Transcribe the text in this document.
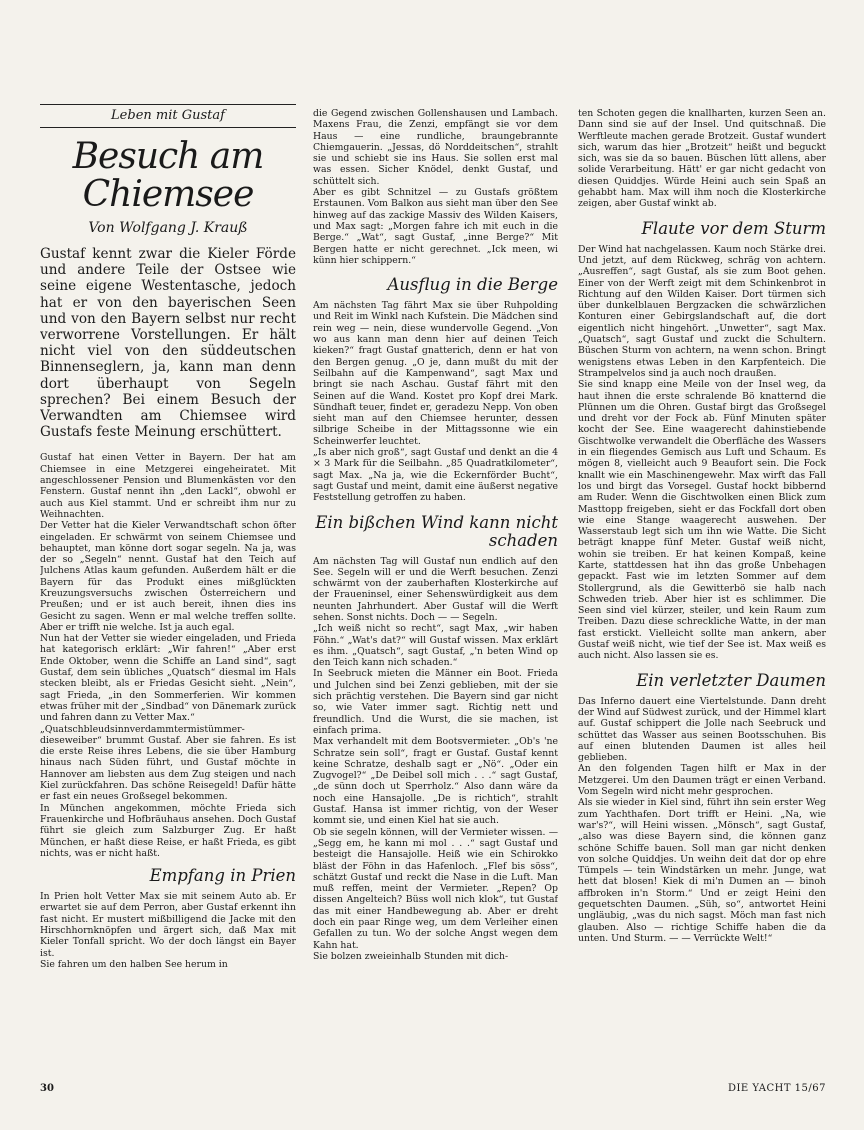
Leben mit Gustaf
Besuch am Chiemsee
Von Wolfgang J. Krauß

Gustaf kennt zwar die Kieler Förde und andere Teile der Ostsee wie seine eigene Westentasche, jedoch hat er von den bayerischen Seen und von den Bayern selbst nur recht verworrene Vorstellungen. Er hält nicht viel von den süddeutschen Binnenseglern, ja, kann man denn dort überhaupt von Segeln sprechen? Bei einem Besuch der Verwandten am Chiemsee wird Gustafs feste Meinung erschüttert.

Gustaf hat einen Vetter in Bayern. Der hat am Chiemsee in eine Metzgerei eingeheiratet. Mit angeschlossener Pension und Blumenkästen vor den Fenstern. Gustaf nennt ihn „den Lackl“, obwohl er auch aus Kiel stammt. Und er schreibt ihm nur zu Weihnachten.

Der Vetter hat die Kieler Verwandtschaft schon öfter eingeladen. Er schwärmt von seinem Chiemsee und behauptet, man könne dort sogar segeln. Na ja, was der so „Segeln“ nennt. Gustaf hat den Teich auf Julchens Atlas kaum gefunden. Außerdem hält er die Bayern für das Produkt eines mißglückten Kreuzungsversuchs zwischen Österreichern und Preußen; und er ist auch bereit, ihnen dies ins Gesicht zu sagen. Wenn er mal welche treffen sollte. Aber er trifft nie welche. Ist ja auch egal.

Nun hat der Vetter sie wieder eingeladen, und Frieda hat kategorisch erklärt: „Wir fahren!“ „Aber erst Ende Oktober, wenn die Schiffe an Land sind“, sagt Gustaf, dem sein übliches „Quatsch“ diesmal im Hals stecken bleibt, als er Friedas Gesicht sieht. „Nein“, sagt Frieda, „in den Sommerferien. Wir kommen etwas früher mit der „Sindbad“ von Dänemark zurück und fahren dann zu Vetter Max.“

„Quatschbleudsinnverdammtermistümmer-dieseweiber“ brummt Gustaf. Aber sie fahren. Es ist die erste Reise ihres Lebens, die sie über Hamburg hinaus nach Süden führt, und Gustaf möchte in Hannover am liebsten aus dem Zug steigen und nach Kiel zurückfahren. Das schöne Reisegeld! Dafür hätte er fast ein neues Großsegel bekommen.

In München angekommen, möchte Frieda sich Frauenkirche und Hofbräuhaus ansehen. Doch Gustaf führt sie gleich zum Salzburger Zug. Er haßt München, er haßt diese Reise, er haßt Frieda, es gibt nichts, was er nicht haßt.

Empfang in Prien

In Prien holt Vetter Max sie mit seinem Auto ab. Er erwartet sie auf dem Perron, aber Gustaf erkennt ihn fast nicht. Er mustert mißbilligend die Jacke mit den Hirschhornknöpfen und ärgert sich, daß Max mit Kieler Tonfall spricht. Wo der doch längst ein Bayer ist.

Sie fahren um den halben See herum in

die Gegend zwischen Gollenshausen und Lambach. Maxens Frau, die Zenzi, empfängt sie vor dem Haus — eine rundliche, braungebrannte Chiemgauerin. „Jessas, dö Norddeitschen“, strahlt sie und schiebt sie ins Haus. Sie sollen erst mal was essen. Sicher Knödel, denkt Gustaf, und schüttelt sich.

Aber es gibt Schnitzel — zu Gustafs größtem Erstaunen. Vom Balkon aus sieht man über den See hinweg auf das zackige Massiv des Wilden Kaisers, und Max sagt: „Morgen fahre ich mit euch in die Berge.“ „Wat“, sagt Gustaf, „inne Berge?“ Mit Bergen hatte er nicht gerechnet. „Ick meen, wi künn hier schippern.“

Ausflug in die Berge

Am nächsten Tag fährt Max sie über Ruhpolding und Reit im Winkl nach Kufstein. Die Mädchen sind rein weg — nein, diese wundervolle Gegend. „Von wo aus kann man denn hier auf deinen Teich kieken?“ fragt Gustaf gnatterich, denn er hat von den Bergen genug. „O je, dann mußt du mit der Seilbahn auf die Kampenwand“, sagt Max und bringt sie nach Aschau. Gustaf fährt mit den Seinen auf die Wand. Kostet pro Kopf drei Mark. Sündhaft teuer, findet er, geradezu Nepp. Von oben sieht man auf den Chiemsee herunter, dessen silbrige Scheibe in der Mittagssonne wie ein Scheinwerfer leuchtet.

„Is aber nich groß“, sagt Gustaf und denkt an die 4 × 3 Mark für die Seilbahn. „85 Quadratkilometer“, sagt Max. „Na ja, wie die Eckernförder Bucht“, sagt Gustaf und meint, damit eine äußerst negative Feststellung getroffen zu haben.

Ein bißchen Wind kann nicht schaden

Am nächsten Tag will Gustaf nun endlich auf den See. Segeln will er und die Werft besuchen. Zenzi schwärmt von der zauberhaften Klosterkirche auf der Fraueninsel, einer Sehenswürdigkeit aus dem neunten Jahrhundert. Aber Gustaf will die Werft sehen. Sonst nichts. Doch — — Segeln.

„Ich weiß nicht so recht“, sagt Max, „wir haben Föhn.“ „Wat's dat?“ will Gustaf wissen. Max erklärt es ihm. „Quatsch“, sagt Gustaf, „'n beten Wind op den Teich kann nich schaden.“

In Seebruck mieten die Männer ein Boot. Frieda und Julchen sind bei Zenzi geblieben, mit der sie sich prächtig verstehen. Die Bayern sind gar nicht so, wie Vater immer sagt. Richtig nett und freundlich. Und die Wurst, die sie machen, ist einfach prima.

Max verhandelt mit dem Bootsvermieter. „Ob's 'ne Schratze sein soll“, fragt er Gustaf. Gustaf kennt keine Schratze, deshalb sagt er „Nö“. „Oder ein Zugvogel?“ „De Deibel soll mich . . .“ sagt Gustaf, „de sünn doch ut Sperrholz.“ Also dann wäre da noch eine Hansajolle. „De is richtich“, strahlt Gustaf. Hansa ist immer richtig, von der Weser kommt sie, und einen Kiel hat sie auch.

Ob sie segeln können, will der Vermieter wissen. — „Segg em, he kann mi mol . . .“ sagt Gustaf und besteigt die Hansajolle. Heiß wie ein Schirokko bläst der Föhn in das Hafenloch. „Flef bis söss“, schätzt Gustaf und reckt die Nase in die Luft. Man muß reffen, meint der Vermieter. „Repen? Op dissen Angelteich? Büss woll nich klok“, tut Gustaf das mit einer Handbewegung ab. Aber er dreht doch ein paar Ringe weg, um dem Verleiher einen Gefallen zu tun. Wo der solche Angst wegen dem Kahn hat.

Sie bolzen zweieinhalb Stunden mit dich-

ten Schoten gegen die knallharten, kurzen Seen an. Dann sind sie auf der Insel. Und quitschnaß. Die Werftleute machen gerade Brotzeit. Gustaf wundert sich, warum das hier „Brotzeit“ heißt und beguckt sich, was sie da so bauen. Büschen lütt allens, aber solide Verarbeitung. Hätt' er gar nicht gedacht von diesen Quiddjes. Würde Heini auch sein Spaß an gehabbt ham. Max will ihm noch die Klosterkirche zeigen, aber Gustaf winkt ab.

Flaute vor dem Sturm

Der Wind hat nachgelassen. Kaum noch Stärke drei. Und jetzt, auf dem Rückweg, schräg von achtern. „Ausreffen“, sagt Gustaf, als sie zum Boot gehen. Einer von der Werft zeigt mit dem Schinkenbrot in Richtung auf den Wilden Kaiser. Dort türmen sich über dunkelblauen Bergzacken die schwärzlichen Konturen einer Gebirgslandschaft auf, die dort eigentlich nicht hingehört. „Unwetter“, sagt Max. „Quatsch“, sagt Gustaf und zuckt die Schultern. Büschen Sturm von achtern, na wenn schon. Bringt wenigstens etwas Leben in den Karpfenteich. Die Strampelvelos sind ja auch noch draußen.

Sie sind knapp eine Meile von der Insel weg, da haut ihnen die erste schralende Bö knatternd die Plünnen um die Ohren. Gustaf birgt das Großsegel und dreht vor der Fock ab. Fünf Minuten später kocht der See. Eine waagerecht dahinstiebende Gischtwolke verwandelt die Oberfläche des Wassers in ein fliegendes Gemisch aus Luft und Schaum. Es mögen 8, vielleicht auch 9 Beaufort sein. Die Fock knallt wie ein Maschinengewehr. Max wirft das Fall los und birgt das Vorsegel. Gustaf hockt bibbernd am Ruder. Wenn die Gischtwolken einen Blick zum Masttopp freigeben, sieht er das Fockfall dort oben wie eine Stange waagerecht auswehen. Der Wasserstaub legt sich um ihn wie Watte. Die Sicht beträgt knappe fünf Meter. Gustaf weiß nicht, wohin sie treiben. Er hat keinen Kompaß, keine Karte, stattdessen hat ihn das große Unbehagen gepackt. Fast wie im letzten Sommer auf dem Stollergrund, als die Gewitterbö sie halb nach Schweden trieb. Aber hier ist es schlimmer. Die Seen sind viel kürzer, steiler, und kein Raum zum Treiben. Dazu diese schreckliche Watte, in der man fast erstickt. Vielleicht sollte man ankern, aber Gustaf weiß nicht, wie tief der See ist. Max weiß es auch nicht. Also lassen sie es.

Ein verletzter Daumen

Das Inferno dauert eine Viertelstunde. Dann dreht der Wind auf Südwest zurück, und der Himmel klart auf. Gustaf schippert die Jolle nach Seebruck und schüttet das Wasser aus seinen Bootsschuhen. Bis auf einen blutenden Daumen ist alles heil geblieben.

An den folgenden Tagen hilft er Max in der Metzgerei. Um den Daumen trägt er einen Verband. Vom Segeln wird nicht mehr gesprochen.

Als sie wieder in Kiel sind, führt ihn sein erster Weg zum Yachthafen. Dort trifft er Heini. „Na, wie war's?“, will Heini wissen. „Mönsch“, sagt Gustaf, „also was diese Bayern sind, die können ganz schöne Schiffe bauen. Soll man gar nicht denken von solche Quiddjes. Un weihn deit dat dor op ehre Tümpels — tein Windstärken un mehr. Junge, wat hett dat blosen! Kiek di mi'n Dumen an — binoh affbroken in'n Storm.“ Und er zeigt Heini den gequetschten Daumen. „Süh, so“, antwortet Heini ungläubig, „was du nich sagst. Möch man fast nich glauben. Also — richtige Schiffe haben die da unten. Und Sturm. — — Verrückte Welt!“

30	DIE YACHT 15/67
